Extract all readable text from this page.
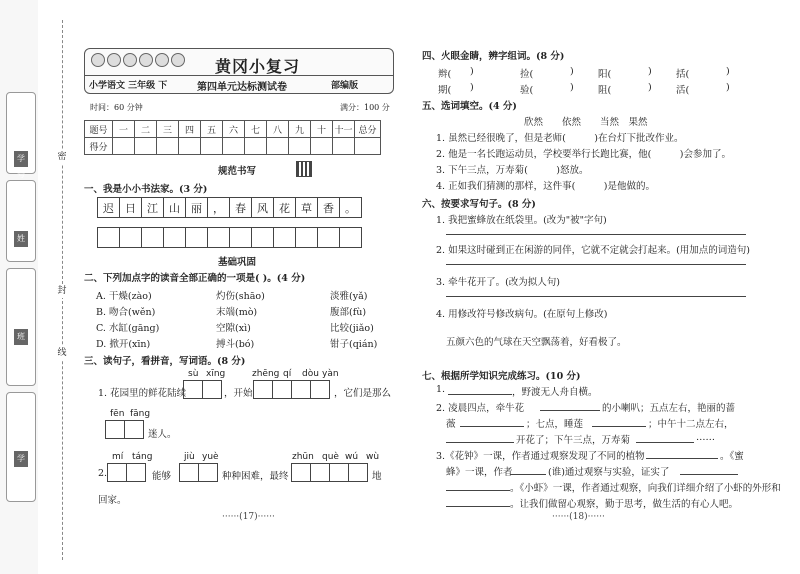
学号
姓名
班级
学校
密
封
线
黄冈小复习
小学语文 三年级 下	第四单元达标测试卷	部编版
时间：60 分钟	满分：100 分
题号	一	二	三	四	五	六	七	八	九	十	十一	总分
得分												
规范书写
一、我是小小书法家。(3 分)
迟	日	江	山	丽	，	春	风	花	草	香	。
基础巩固
二、下列加点字的读音全部正确的一项是( )。(4 分)
A. 干燥(zào)	灼伤(shāo)	淡雅(yǎ)
B. 吻合(wěn)	末端(mò)	腹部(fù)
C. 水缸(gāng)	空隙(xì)	比较(jiǎo)
D. 掀开(xīn)	搏斗(bó)	钳子(qián)
三、读句子，看拼音，写词语。(8 分)
sù xīng	zhēng qí dòu yàn
1. 花园里的鲜花陆续	，开始	，它们是那么
fēn fāng
迷人。
mí táng	jiù yuè	zhūn què wú wù
2.	能够	种种困难，最终	地
回家。
······(17)······
四、火眼金睛，辨字组词。(8 分)
辫( )	捡(	)	阳(	)	括(	)
期( )	验(	)	阻(	)	活(	)
五、选词填空。(4 分)
欣然　　依然　　当然　果然
1. 虽然已经很晚了，但是老师(　　　)在台灯下批改作业。
2. 他是一名长跑运动员，学校要举行长跑比赛，他(　　　)会参加了。
3. 下午三点，万寿菊(　　　)怒放。
4. 正如我们猜测的那样，这件事(　　　)是他做的。
六、按要求写句子。(8 分)
1. 我把蜜蜂放在纸袋里。(改为"被"字句)
2. 如果这时碰到正在闲游的同伴，它就不定就会打起来。(用加点的词造句)
3. 牵牛花开了。(改为拟人句)
4. 用修改符号修改病句。(在原句上修改)
五颜六色的气球在天空飘荡着，好看极了。
七、根据所学知识完成练习。(10 分)
1.	，野渡无人舟自横。
2. 凌晨四点，牵牛花	的小喇叭；五点左右，艳丽的蔷
薇	；七点，睡莲	；中午十二点左右，
开花了；下午三点，万寿菊	……
3.《花钟》一课，作者通过观察发现了不同的植物	。《蜜
蜂》一课，作者	(谁)通过观察与实验，证实了
。《小虾》一课，作者通过观察，向我们详细介绍了小虾的外形和
。让我们做留心观察，勤于思考，做生活的有心人吧。
······(18)······
